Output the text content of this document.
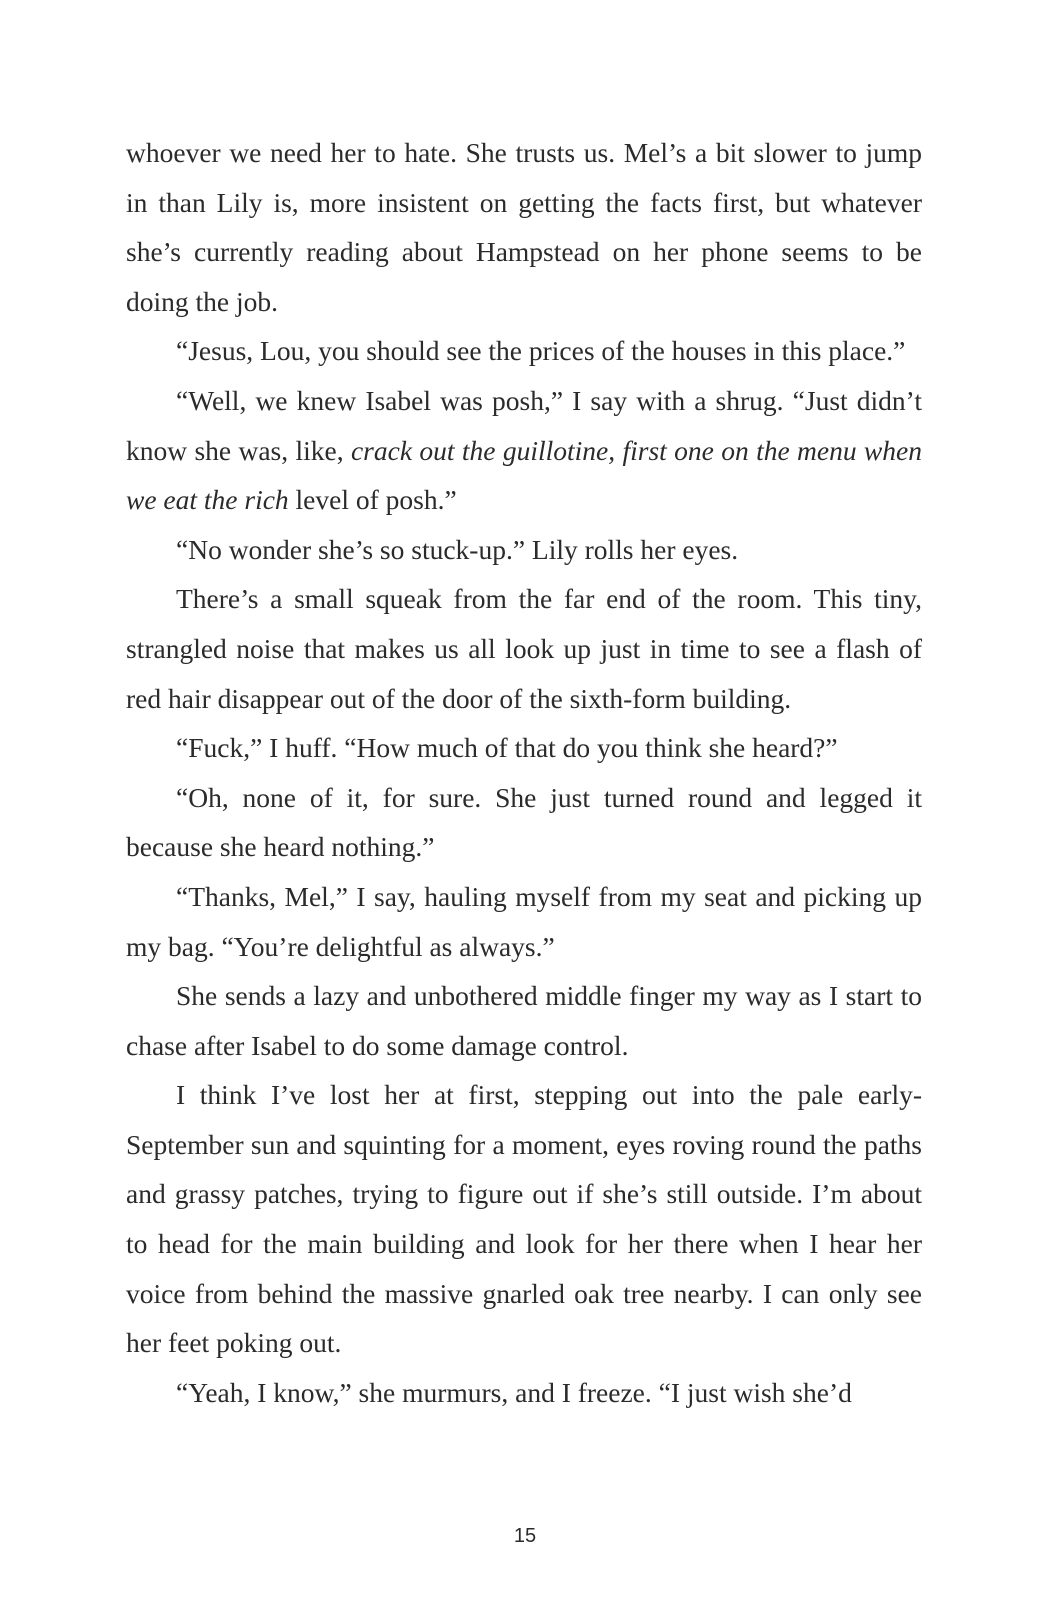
whoever we need her to hate. She trusts us. Mel’s a bit slower to jump in than Lily is, more insistent on getting the facts first, but whatever she’s currently reading about Hampstead on her phone seems to be doing the job.

“Jesus, Lou, you should see the prices of the houses in this place.”

“Well, we knew Isabel was posh,” I say with a shrug. “Just didn’t know she was, like, crack out the guillotine, first one on the menu when we eat the rich level of posh.”

“No wonder she’s so stuck-up.” Lily rolls her eyes.

There’s a small squeak from the far end of the room. This tiny, strangled noise that makes us all look up just in time to see a flash of red hair disappear out of the door of the sixth-form building.

“Fuck,” I huff. “How much of that do you think she heard?”

“Oh, none of it, for sure. She just turned round and legged it because she heard nothing.”

“Thanks, Mel,” I say, hauling myself from my seat and picking up my bag. “You’re delightful as always.”

She sends a lazy and unbothered middle finger my way as I start to chase after Isabel to do some damage control.

I think I’ve lost her at first, stepping out into the pale early-September sun and squinting for a moment, eyes roving round the paths and grassy patches, trying to figure out if she’s still outside. I’m about to head for the main building and look for her there when I hear her voice from behind the massive gnarled oak tree nearby. I can only see her feet poking out.

“Yeah, I know,” she murmurs, and I freeze. “I just wish she’d

15
